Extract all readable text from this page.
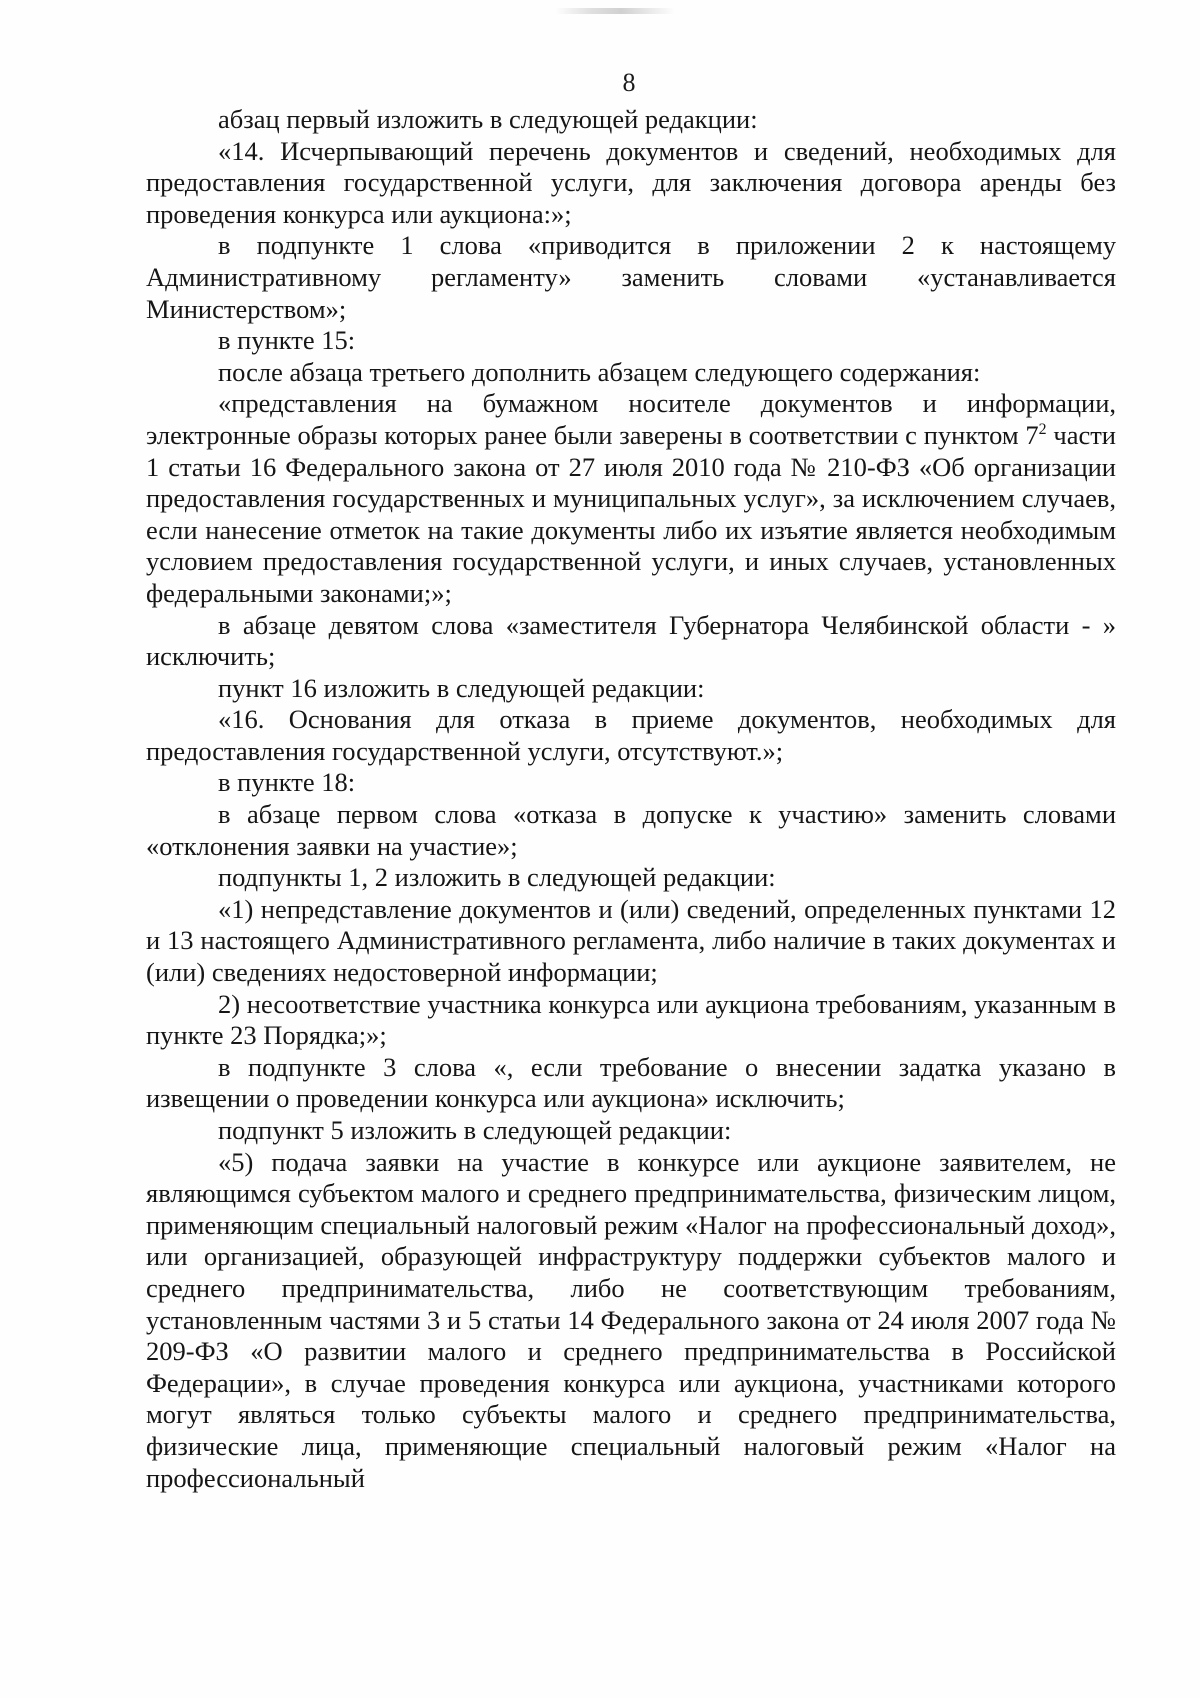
8

абзац первый изложить в следующей редакции:

«14. Исчерпывающий перечень документов и сведений, необходимых для предоставления государственной услуги, для заключения договора аренды без проведения конкурса или аукциона:»;

в подпункте 1 слова «приводится в приложении 2 к настоящему Административному регламенту» заменить словами «устанавливается Министерством»;

в пункте 15:

после абзаца третьего дополнить абзацем следующего содержания:

«представления на бумажном носителе документов и информации, электронные образы которых ранее были заверены в соответствии с пунктом $7^2$ части 1 статьи 16 Федерального закона от 27 июля 2010 года № 210-ФЗ «Об организации предоставления государственных и муниципальных услуг», за исключением случаев, если нанесение отметок на такие документы либо их изъятие является необходимым условием предоставления государственной услуги, и иных случаев, установленных федеральными законами;»;

в абзаце девятом слова «заместителя Губернатора Челябинской области - » исключить;

пункт 16 изложить в следующей редакции:

«16. Основания для отказа в приеме документов, необходимых для предоставления государственной услуги, отсутствуют.»;

в пункте 18:

в абзаце первом слова «отказа в допуске к участию» заменить словами «отклонения заявки на участие»;

подпункты 1, 2 изложить в следующей редакции:

«1) непредставление документов и (или) сведений, определенных пунктами 12 и 13 настоящего Административного регламента, либо наличие в таких документах и (или) сведениях недостоверной информации;

2) несоответствие участника конкурса или аукциона требованиям, указанным в пункте 23 Порядка;»;

в подпункте 3 слова «, если требование о внесении задатка указано в извещении о проведении конкурса или аукциона» исключить;

подпункт 5 изложить в следующей редакции:

«5) подача заявки на участие в конкурсе или аукционе заявителем, не являющимся субъектом малого и среднего предпринимательства, физическим лицом, применяющим специальный налоговый режим «Налог на профессиональный доход», или организацией, образующей инфраструктуру поддержки субъектов малого и среднего предпринимательства, либо не соответствующим требованиям, установленным частями 3 и 5 статьи 14 Федерального закона от 24 июля 2007 года № 209-ФЗ «О развитии малого и среднего предпринимательства в Российской Федерации», в случае проведения конкурса или аукциона, участниками которого могут являться только субъекты малого и среднего предпринимательства, физические лица, применяющие специальный налоговый режим «Налог на профессиональный
